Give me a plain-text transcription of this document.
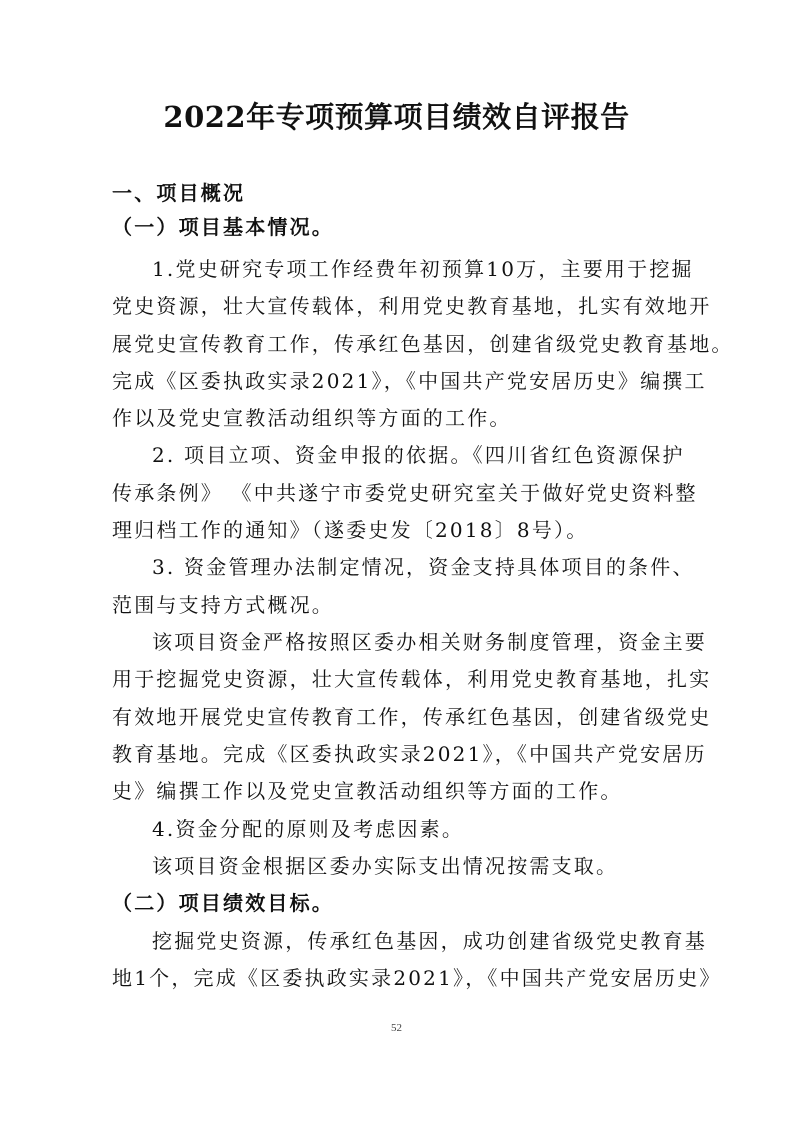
2022年专项预算项目绩效自评报告
一、项目概况
（一）项目基本情况。
1.党史研究专项工作经费年初预算10万，主要用于挖掘
党史资源，壮大宣传载体，利用党史教育基地，扎实有效地开
展党史宣传教育工作，传承红色基因，创建省级党史教育基地。
完成《区委执政实录2021》，《中国共产党安居历史》编撰工
作以及党史宣教活动组织等方面的工作。
2. 项目立项、资金申报的依据。《四川省红色资源保护
传承条例》 《中共遂宁市委党史研究室关于做好党史资料整
理归档工作的通知》（遂委史发〔2018〕8号）。
3. 资金管理办法制定情况，资金支持具体项目的条件、
范围与支持方式概况。
该项目资金严格按照区委办相关财务制度管理，资金主要
用于挖掘党史资源，壮大宣传载体，利用党史教育基地，扎实
有效地开展党史宣传教育工作，传承红色基因，创建省级党史
教育基地。完成《区委执政实录2021》，《中国共产党安居历
史》编撰工作以及党史宣教活动组织等方面的工作。
4.资金分配的原则及考虑因素。
该项目资金根据区委办实际支出情况按需支取。
（二）项目绩效目标。
挖掘党史资源，传承红色基因，成功创建省级党史教育基
地1个，完成《区委执政实录2021》，《中国共产党安居历史》
52
